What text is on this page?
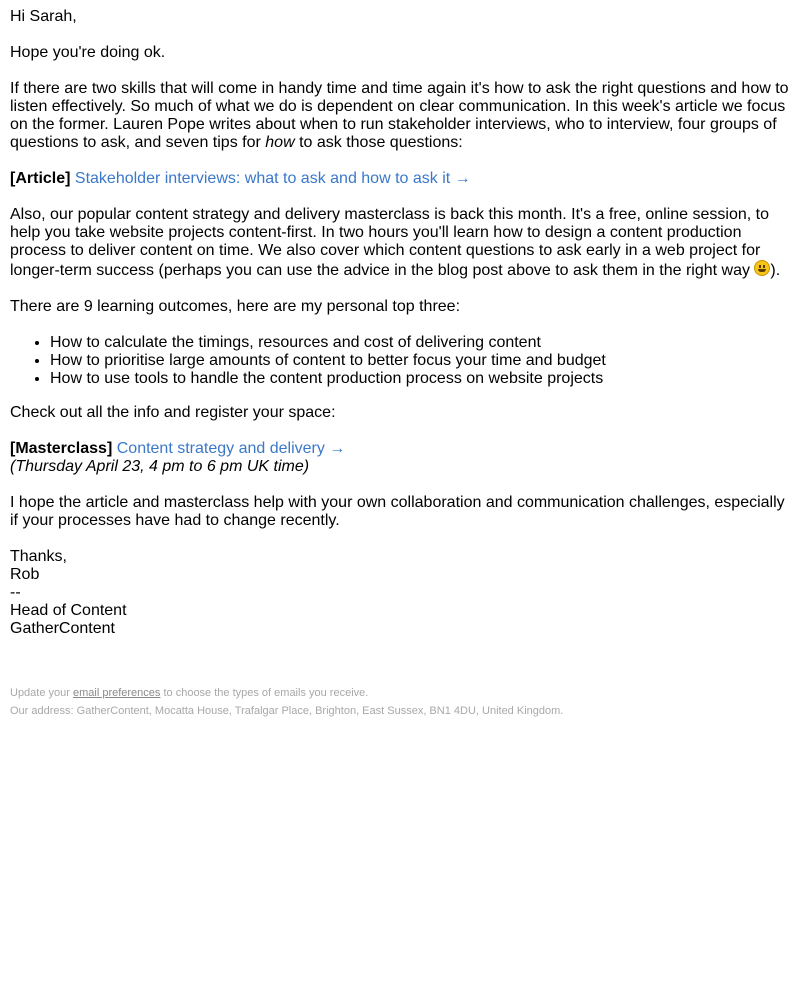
Hi Sarah,

Hope you're doing ok.

If there are two skills that will come in handy time and time again it's how to ask the right questions and how to listen effectively. So much of what we do is dependent on clear communication. In this week's article we focus on the former. Lauren Pope writes about when to run stakeholder interviews, who to interview, four groups of questions to ask, and seven tips for how to ask those questions:

[Article] Stakeholder interviews: what to ask and how to ask it →

Also, our popular content strategy and delivery masterclass is back this month. It's a free, online session, to help you take website projects content-first. In two hours you'll learn how to design a content production process to deliver content on time. We also cover which content questions to ask early in a web project for longer-term success (perhaps you can use the advice in the blog post above to ask them in the right way ).

There are 9 learning outcomes, here are my personal top three:

• How to calculate the timings, resources and cost of delivering content
• How to prioritise large amounts of content to better focus your time and budget
• How to use tools to handle the content production process on website projects

Check out all the info and register your space:

[Masterclass] Content strategy and delivery →
(Thursday April 23, 4 pm to 6 pm UK time)

I hope the article and masterclass help with your own collaboration and communication challenges, especially if your processes have had to change recently.

Thanks,

Rob

--

Head of Content

GatherContent

Update your email preferences to choose the types of emails you receive.
Our address: GatherContent, Mocatta House, Trafalgar Place, Brighton, East Sussex, BN1 4DU, United Kingdom.
